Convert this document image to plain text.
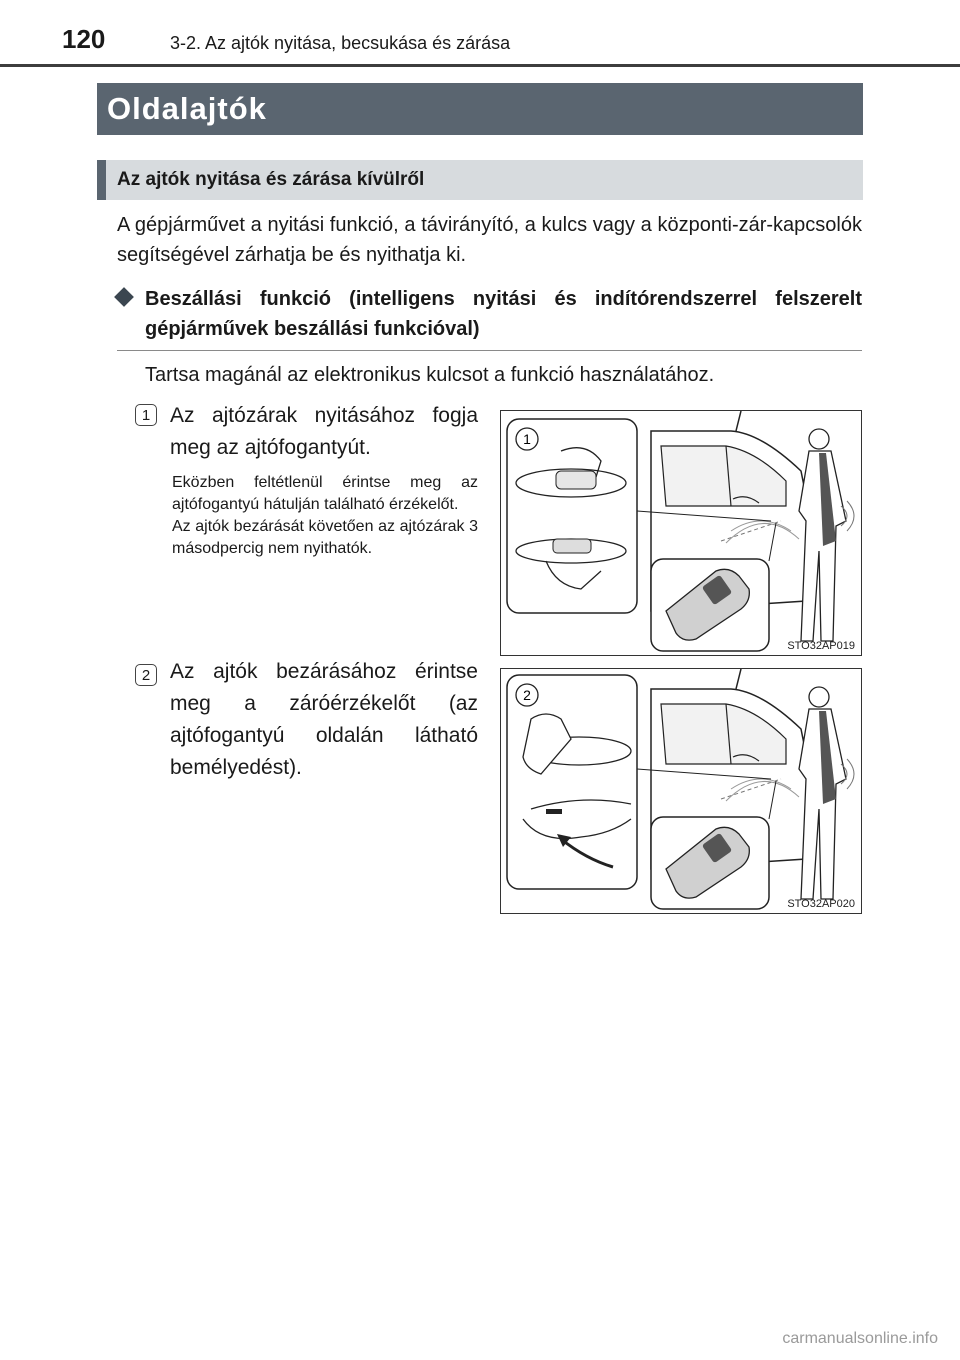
120	3-2. Az ajtók nyitása, becsukása és zárása
Oldalajtók
Az ajtók nyitása és zárása kívülről
A gépjárművet a nyitási funkció, a távirányító, a kulcs vagy a központi-zár-kapcsolók segítségével zárhatja be és nyithatja ki.
Beszállási funkció (intelligens nyitási és indítórendszerrel felszerelt gépjárművek beszállási funkcióval)
Tartsa magánál az elektronikus kulcsot a funkció használatához.
1 Az ajtózárak nyitásához fogja meg az ajtófogantyút.

Eközben feltétlenül érintse meg az ajtófogantyú hátulján található érzékelőt.

Az ajtók bezárását követően az ajtózárak 3 másodpercig nem nyithatók.

1
STO32AP019
2 Az ajtók bezárásához érintse meg a záróérzékelőt (az ajtófogantyú oldalán látható bemélyedést).
2
STO32AP020
carmanualsonline.info
